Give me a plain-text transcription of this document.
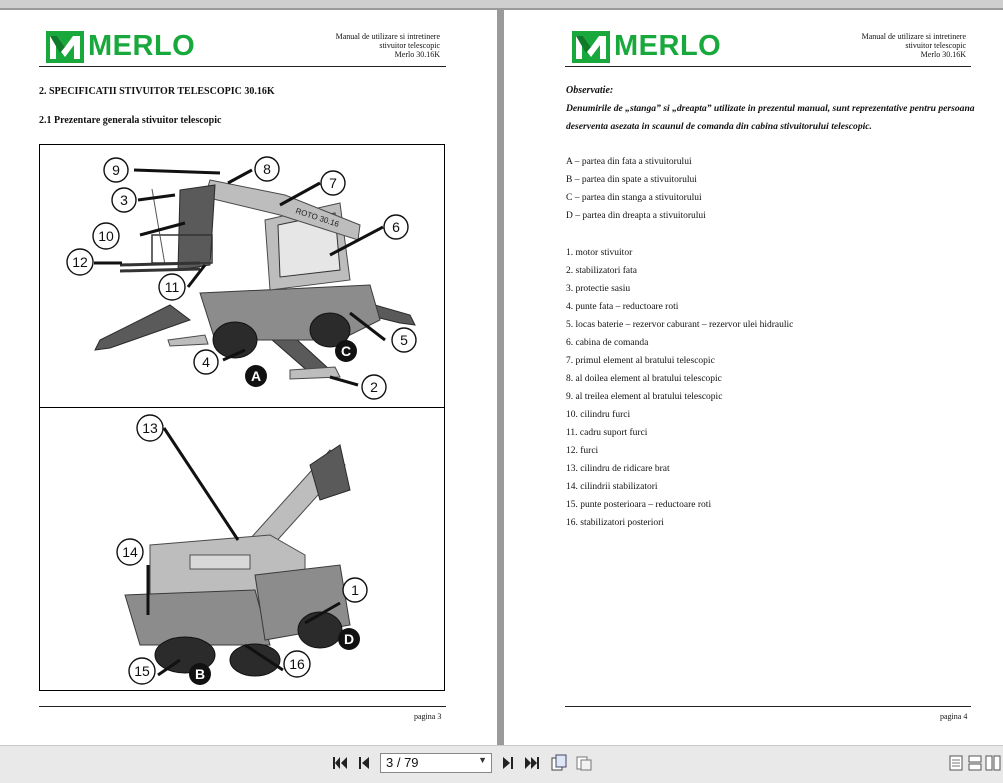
MERLO	Manual de utilizare si intretinere
stivuitor telescopic
Merlo 30.16K
2. SPECIFICATII STIVUITOR TELESCOPIC 30.16K
2.1 Prezentare generala stivuitor telescopic
ROTO 30.16
9	8
7
3
6
10
12
11
5
4
C
A
2
13
14
1
D
16
15	B
pagina 3
MERLO	Manual de utilizare si intretinere
stivuitor telescopic
Merlo 30.16K
Observatie:
Denumirile de „stanga” si „dreapta” utilizate in prezentul manual, sunt reprezentative pentru persoana deserventa asezata in scaunul de comanda din cabina stivuitorului telescopic.
A – partea din fata a stivuitorului
B – partea din spate a stivuitorului
C – partea din stanga a stivuitorului
D – partea din dreapta a stivuitorului
1. motor stivuitor
2. stabilizatori fata
3. protectie sasiu
4. punte fata – reductoare roti
5. locas baterie – rezervor caburant – rezervor ulei hidraulic
6. cabina de comanda
7. primul element al bratului telescopic
8. al doilea element al bratului telescopic
9. al treilea element al bratului telescopic
10. cilindru furci
11. cadru suport furci
12. furci
13. cilindru de ridicare brat
14. cilindrii stabilizatori
15. punte posterioara – reductoare roti
16. stabilizatori posteriori
pagina 4
3 / 79	▼
